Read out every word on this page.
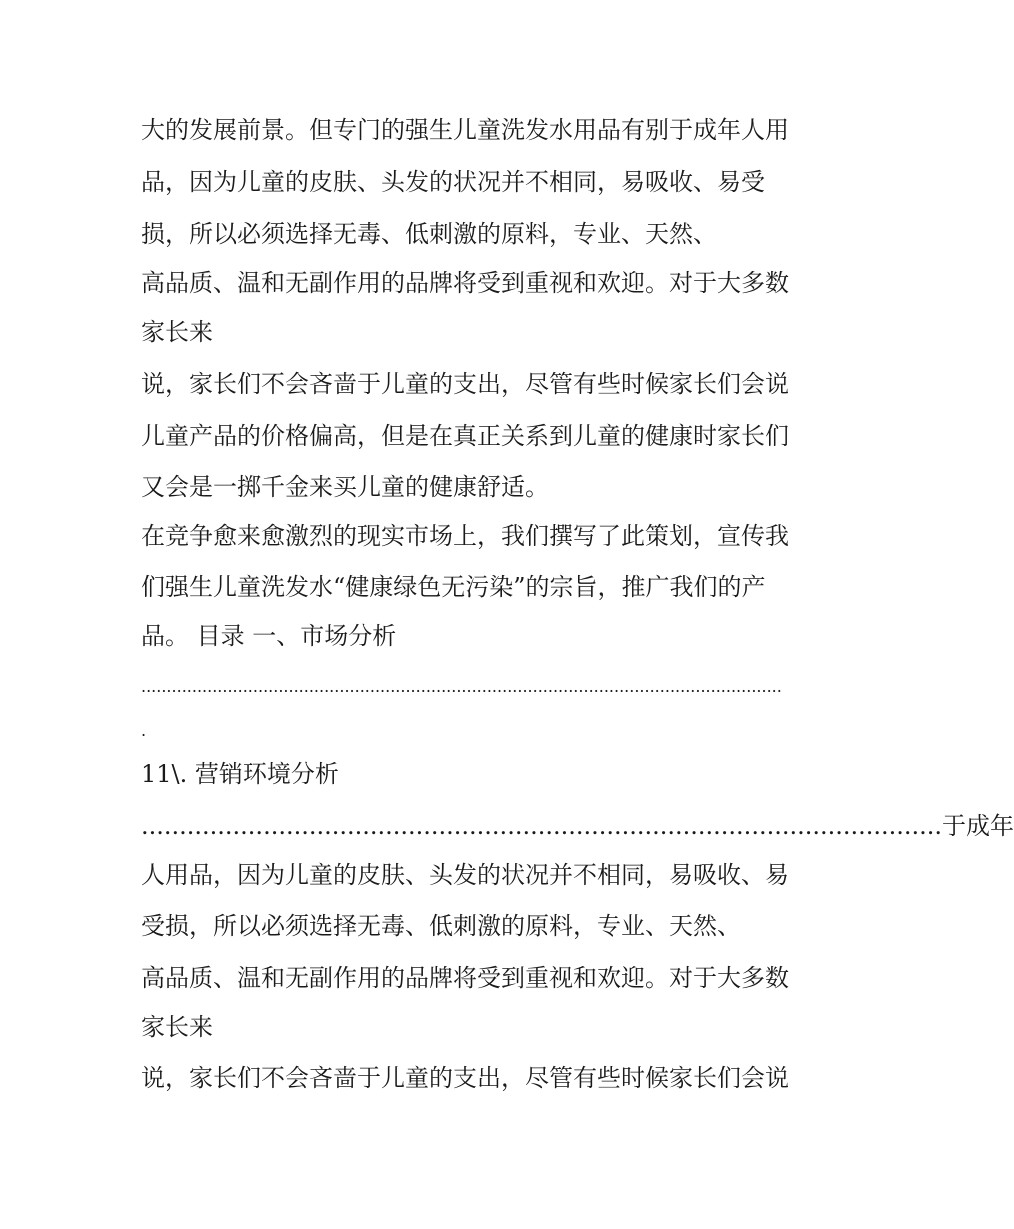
大的发展前景。但专门的强生儿童洗发水用品有别于成年人用
品，因为儿童的皮肤、头发的状况并不相同，易吸收、易受
损，所以必须选择无毒、低刺激的原料，专业、天然、
高品质、温和无副作用的品牌将受到重视和欢迎。对于大多数
家长来
说，家长们不会吝啬于儿童的支出，尽管有些时候家长们会说
儿童产品的价格偏高，但是在真正关系到儿童的健康时家长们
又会是一掷千金来买儿童的健康舒适。
在竞争愈来愈激烈的现实市场上，我们撰写了此策划，宣传我
们强生儿童洗发水“健康绿色无污染”的宗旨，推广我们的产
品。 目录 一、市场分析
..............................................................................................................................
.
11\. 营销环境分析
.........................................................................................................于成年
人用品，因为儿童的皮肤、头发的状况并不相同，易吸收、易
受损，所以必须选择无毒、低刺激的原料，专业、天然、
高品质、温和无副作用的品牌将受到重视和欢迎。对于大多数
家长来
说，家长们不会吝啬于儿童的支出，尽管有些时候家长们会说
